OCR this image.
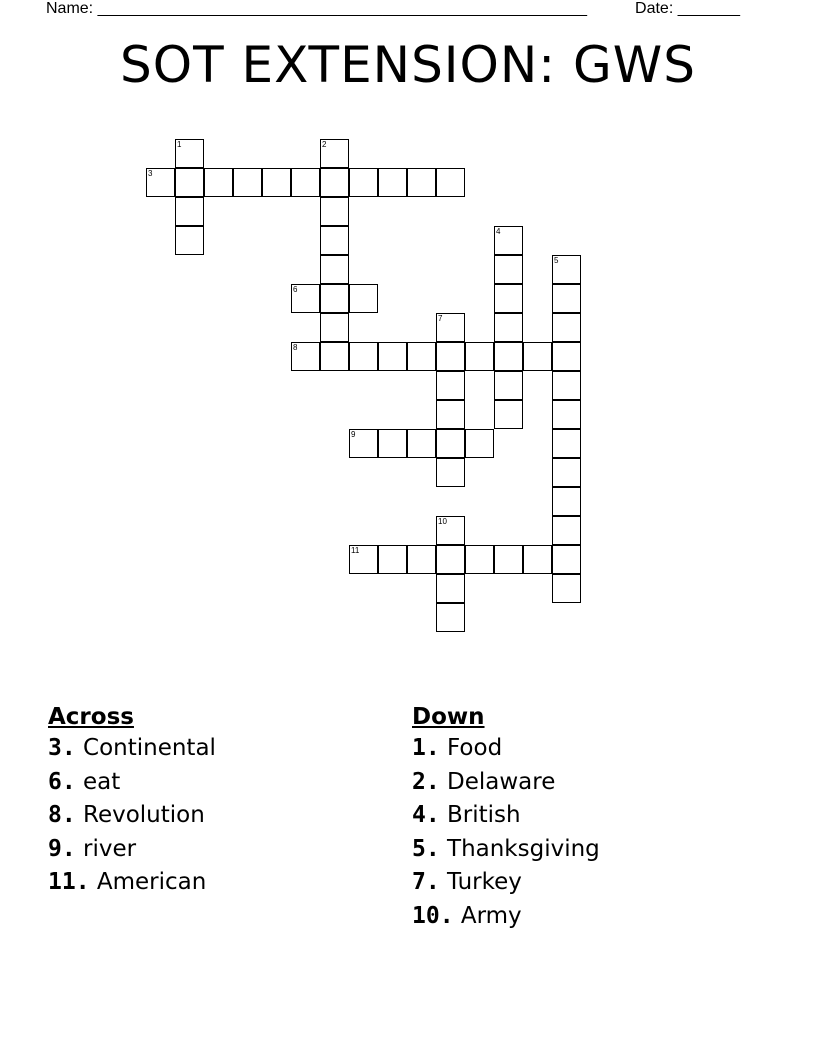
Name: _______________________________________________________	Date: _______
SOT EXTENSION: GWS
1	2
3
4
5
6
7
8
9
10
11
Across
3. Continental
6. eat
8. Revolution
9. river
11. American
Down
1. Food
2. Delaware
4. British
5. Thanksgiving
7. Turkey
10. Army
